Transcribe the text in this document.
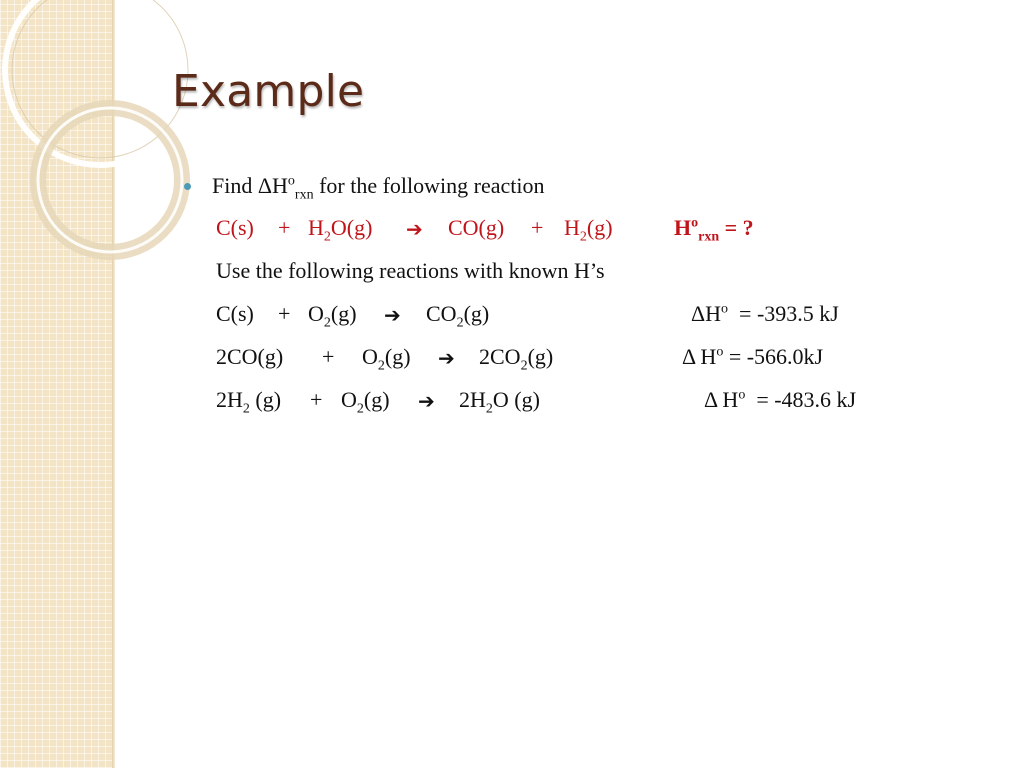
Example
Find $\Delta H^o_{rxn}$ for the following reaction
$C(s) + H_2O(g)$ ➔ $CO(g) + H_2(g)$	$H^o_{rxn}$ = ?
Use the following reactions with known H’s
$C(s) + O_2(g)$ ➔ $CO_2(g)$	$\Delta H^o = -393.5$ kJ
$2CO(g) + O_2(g)$ ➔ $2CO_2(g)$	Δ $H^o = -566.0kJ$
$2H_2$ $(g) + O_2(g)$ ➔ $2H_2O$ (g)	Δ $H^o = -483.6$ kJ
